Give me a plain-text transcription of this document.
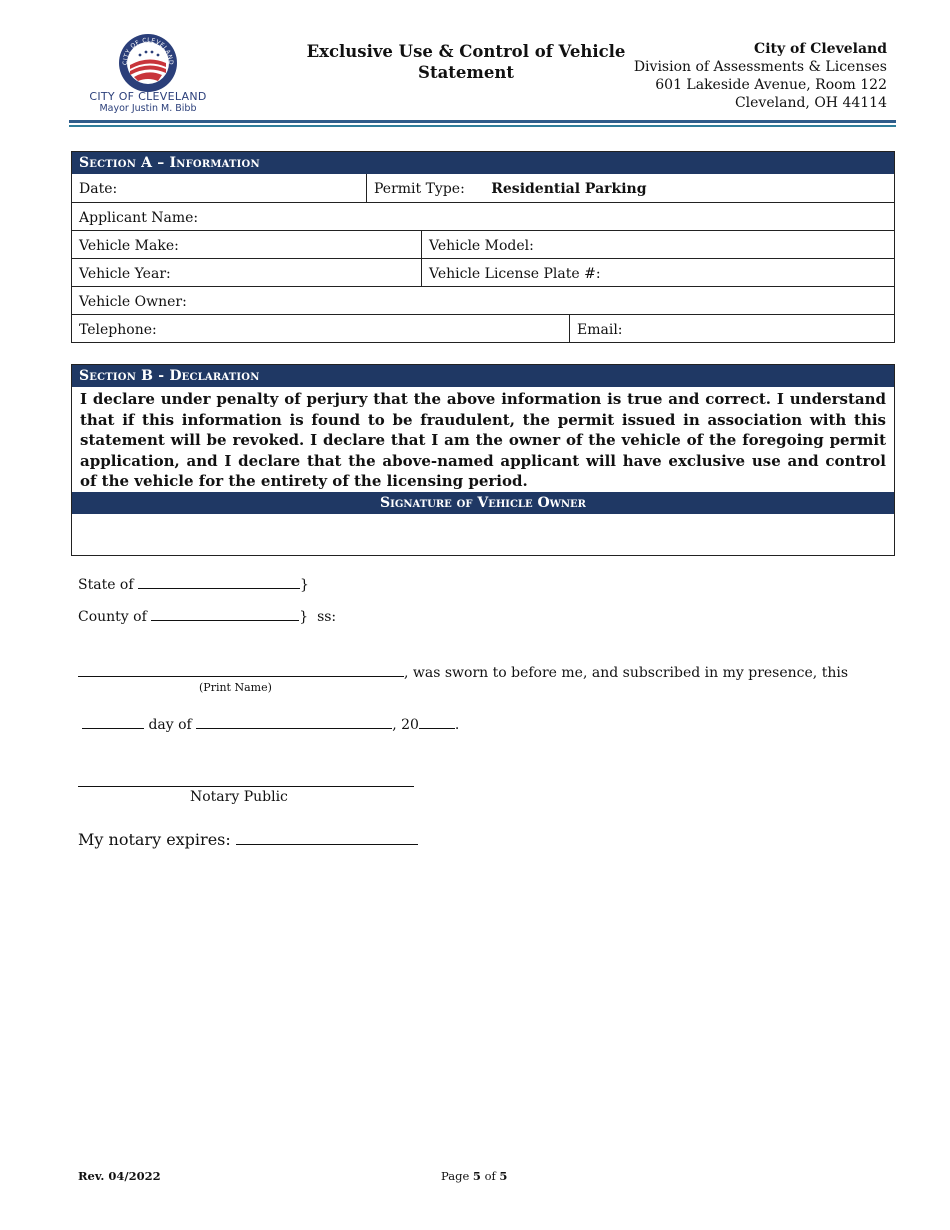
CITY OF CLEVELAND
CITY OF CLEVELAND
Mayor Justin M. Bibb
Exclusive Use & Control of Vehicle
Statement
City of Cleveland
Division of Assessments & Licenses
601 Lakeside Avenue, Room 122
Cleveland, OH 44114
Section A – Information
Date:	Permit Type: Residential Parking
Applicant Name:
Vehicle Make:	Vehicle Model:
Vehicle Year:	Vehicle License Plate #:
Vehicle Owner:
Telephone:	Email:
Section B - Declaration
I declare under penalty of perjury that the above information is true and correct. I understand that if this information is found to be fraudulent, the permit issued in association with this statement will be revoked. I declare that I am the owner of the vehicle of the foregoing permit application, and I declare that the above-named applicant will have exclusive use and control of the vehicle for the entirety of the licensing period.
Signature of Vehicle Owner
State of	}
County of	} ss:
, was sworn to before me, and subscribed in my presence, this
(Print Name)
day of	, 20	.
Notary Public
My notary expires:
Rev. 04/2022	Page 5 of 5
